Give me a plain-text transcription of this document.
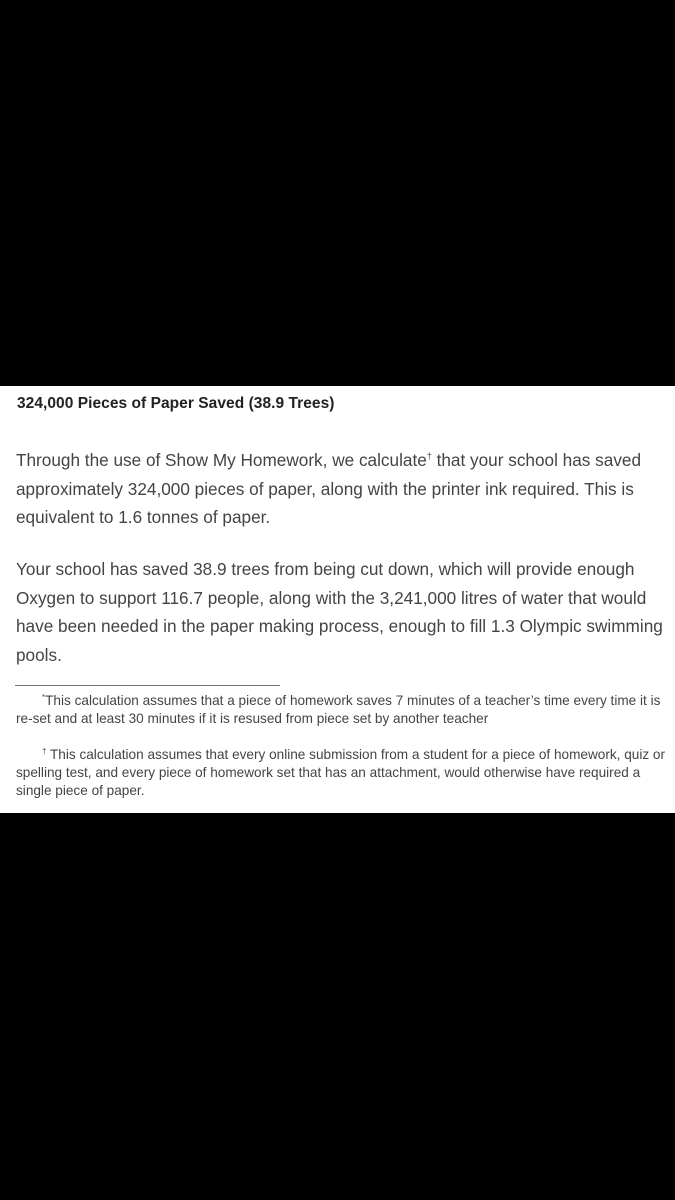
324,000 Pieces of Paper Saved (38.9 Trees)

Through the use of Show My Homework, we calculate† that your school has saved approximately 324,000 pieces of paper, along with the printer ink required. This is equivalent to 1.6 tonnes of paper.

Your school has saved 38.9 trees from being cut down, which will provide enough Oxygen to support 116.7 people, along with the 3,241,000 litres of water that would have been needed in the paper making process, enough to fill 1.3 Olympic swimming pools.

*This calculation assumes that a piece of homework saves 7 minutes of a teacher’s time every time it is re-set and at least 30 minutes if it is resused from piece set by another teacher

† This calculation assumes that every online submission from a student for a piece of homework, quiz or spelling test, and every piece of homework set that has an attachment, would otherwise have required a single piece of paper.
